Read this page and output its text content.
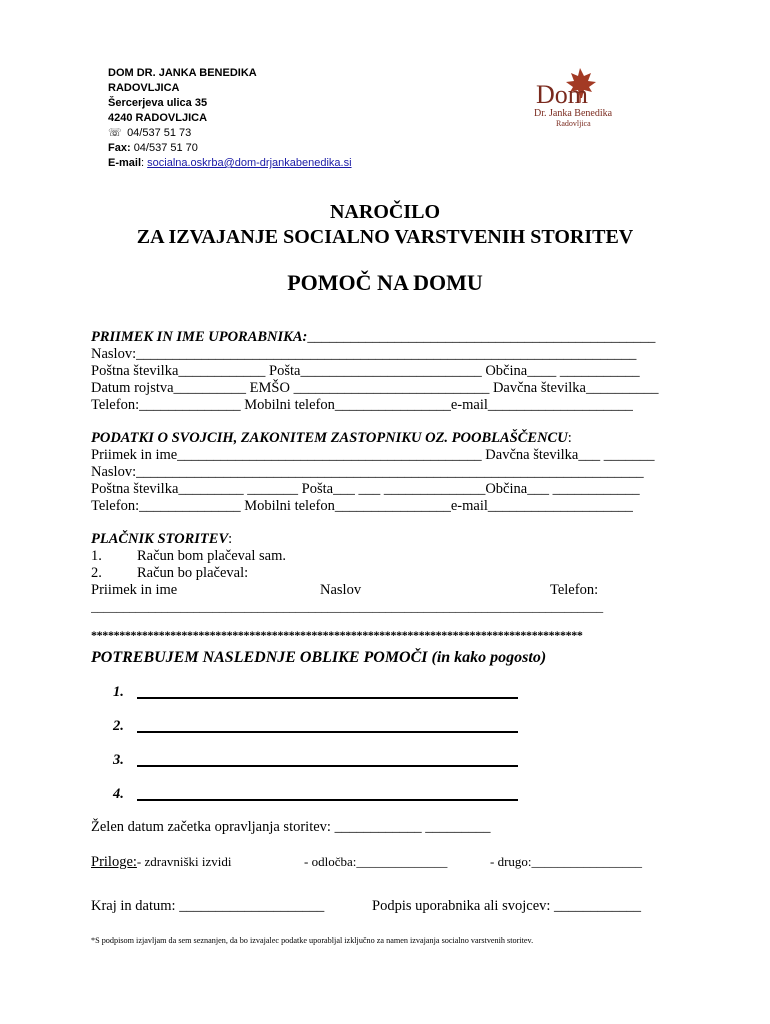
DOM DR. JANKA BENEDIKA
RADOVLJICA
Šercerjeva ulica 35
4240 RADOVLJICA
☏ 04/537 51 73
Fax: 04/537 51 70
E-mail: socialna.oskrba@dom-drjankabenedika.si
Dom
Dr. Janka Benedika
Radovljica
NAROČILO
ZA IZVAJANJE SOCIALNO VARSTVENIH STORITEV
POMOČ NA DOMU
PRIIMEK IN IME UPORABNIKA:________________________________________________
Naslov:_____________________________________________________________________
Poštna številka____________ Pošta_________________________ Občina____ ___________
Datum rojstva__________ EMŠO ___________________________ Davčna številka__________
Telefon:______________ Mobilni telefon________________e-mail____________________
PODATKI O SVOJCIH, ZAKONITEM ZASTOPNIKU OZ. POOBLAŠČENCU:
Priimek in ime__________________________________________ Davčna številka___ _______
Naslov:______________________________________________________________________
Poštna številka_________ _______ Pošta___ ___ ______________Občina___ ____________
Telefon:______________ Mobilni telefon________________e-mail____________________
PLAČNIK STORITEV:
1. Račun bom plačeval sam.
2. Račun bo plačeval:
Priimek in ime	Naslov	Telefon:
________________________________________________________________________________
***************************************************************************************
POTREBUJEM NASLEDNJE OBLIKE POMOČI (in kako pogosto)
1.
2.
3.
4.
Želen datum začetka opravljanja storitev: ____________ _________
Priloge:- zdravniški izvidi	- odločba:______________	- drugo:_________________
Kraj in datum: ____________________	Podpis uporabnika ali svojcev: ____________
*S podpisom izjavljam da sem seznanjen, da bo izvajalec podatke uporabljal izključno za namen izvajanja socialno varstvenih storitev.
